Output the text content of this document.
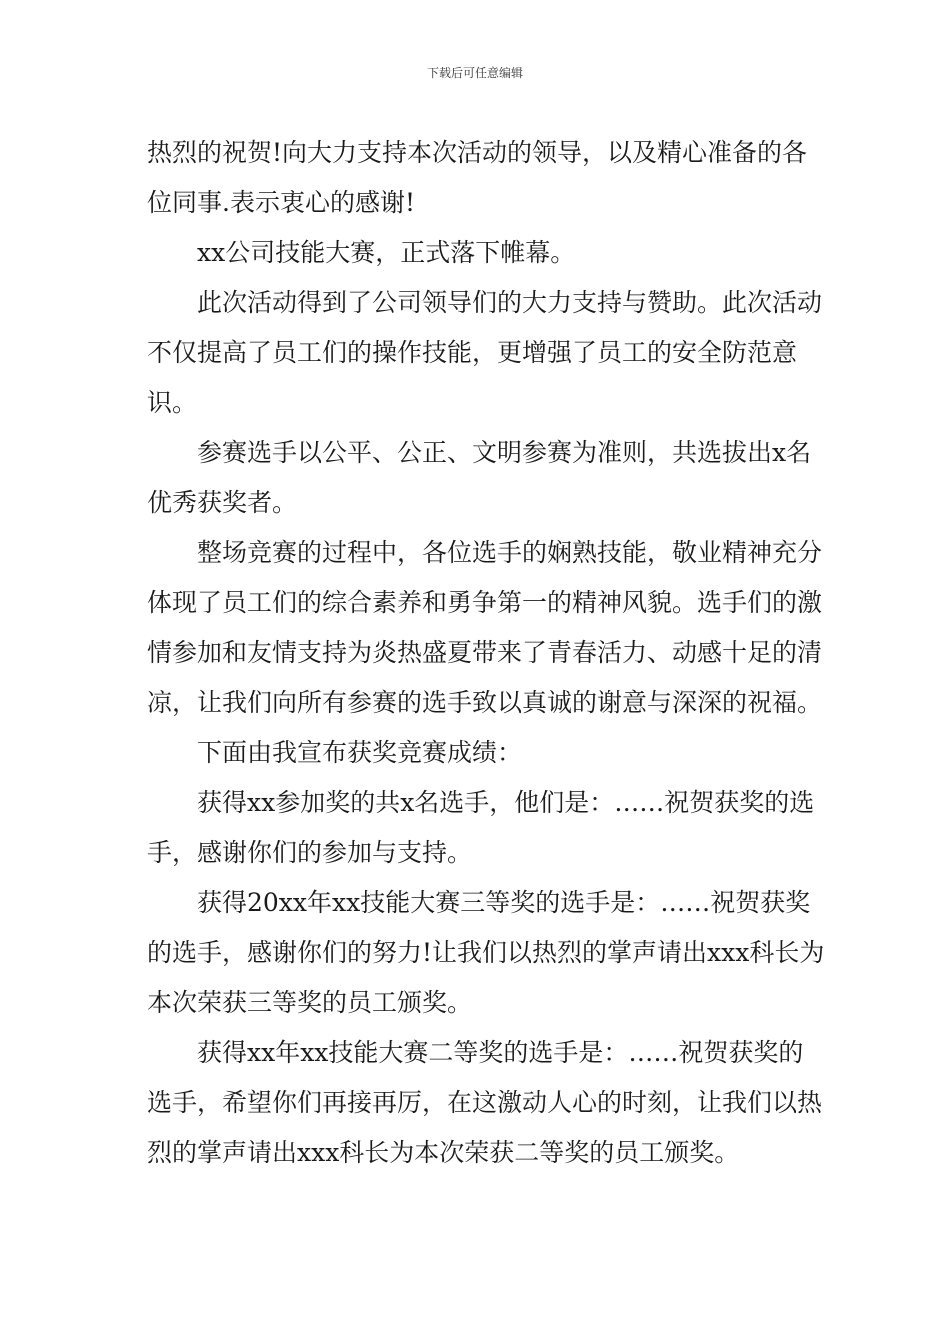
下载后可任意编辑

热烈的祝贺!向大力支持本次活动的领导，以及精心准备的各位同事.表示衷心的感谢!

xx公司技能大赛，正式落下帷幕。

此次活动得到了公司领导们的大力支持与赞助。此次活动不仅提高了员工们的操作技能，更增强了员工的安全防范意识。

参赛选手以公平、公正、文明参赛为准则，共选拔出x名优秀获奖者。

整场竞赛的过程中，各位选手的娴熟技能，敬业精神充分体现了员工们的综合素养和勇争第一的精神风貌。选手们的激情参加和友情支持为炎热盛夏带来了青春活力、动感十足的清凉，让我们向所有参赛的选手致以真诚的谢意与深深的祝福。

下面由我宣布获奖竞赛成绩：

获得xx参加奖的共x名选手，他们是：……祝贺获奖的选手，感谢你们的参加与支持。

获得20xx年xx技能大赛三等奖的选手是：……祝贺获奖的选手，感谢你们的努力!让我们以热烈的掌声请出xxx科长为本次荣获三等奖的员工颁奖。

获得xx年xx技能大赛二等奖的选手是：……祝贺获奖的选手，希望你们再接再厉，在这激动人心的时刻，让我们以热烈的掌声请出xxx科长为本次荣获二等奖的员工颁奖。
